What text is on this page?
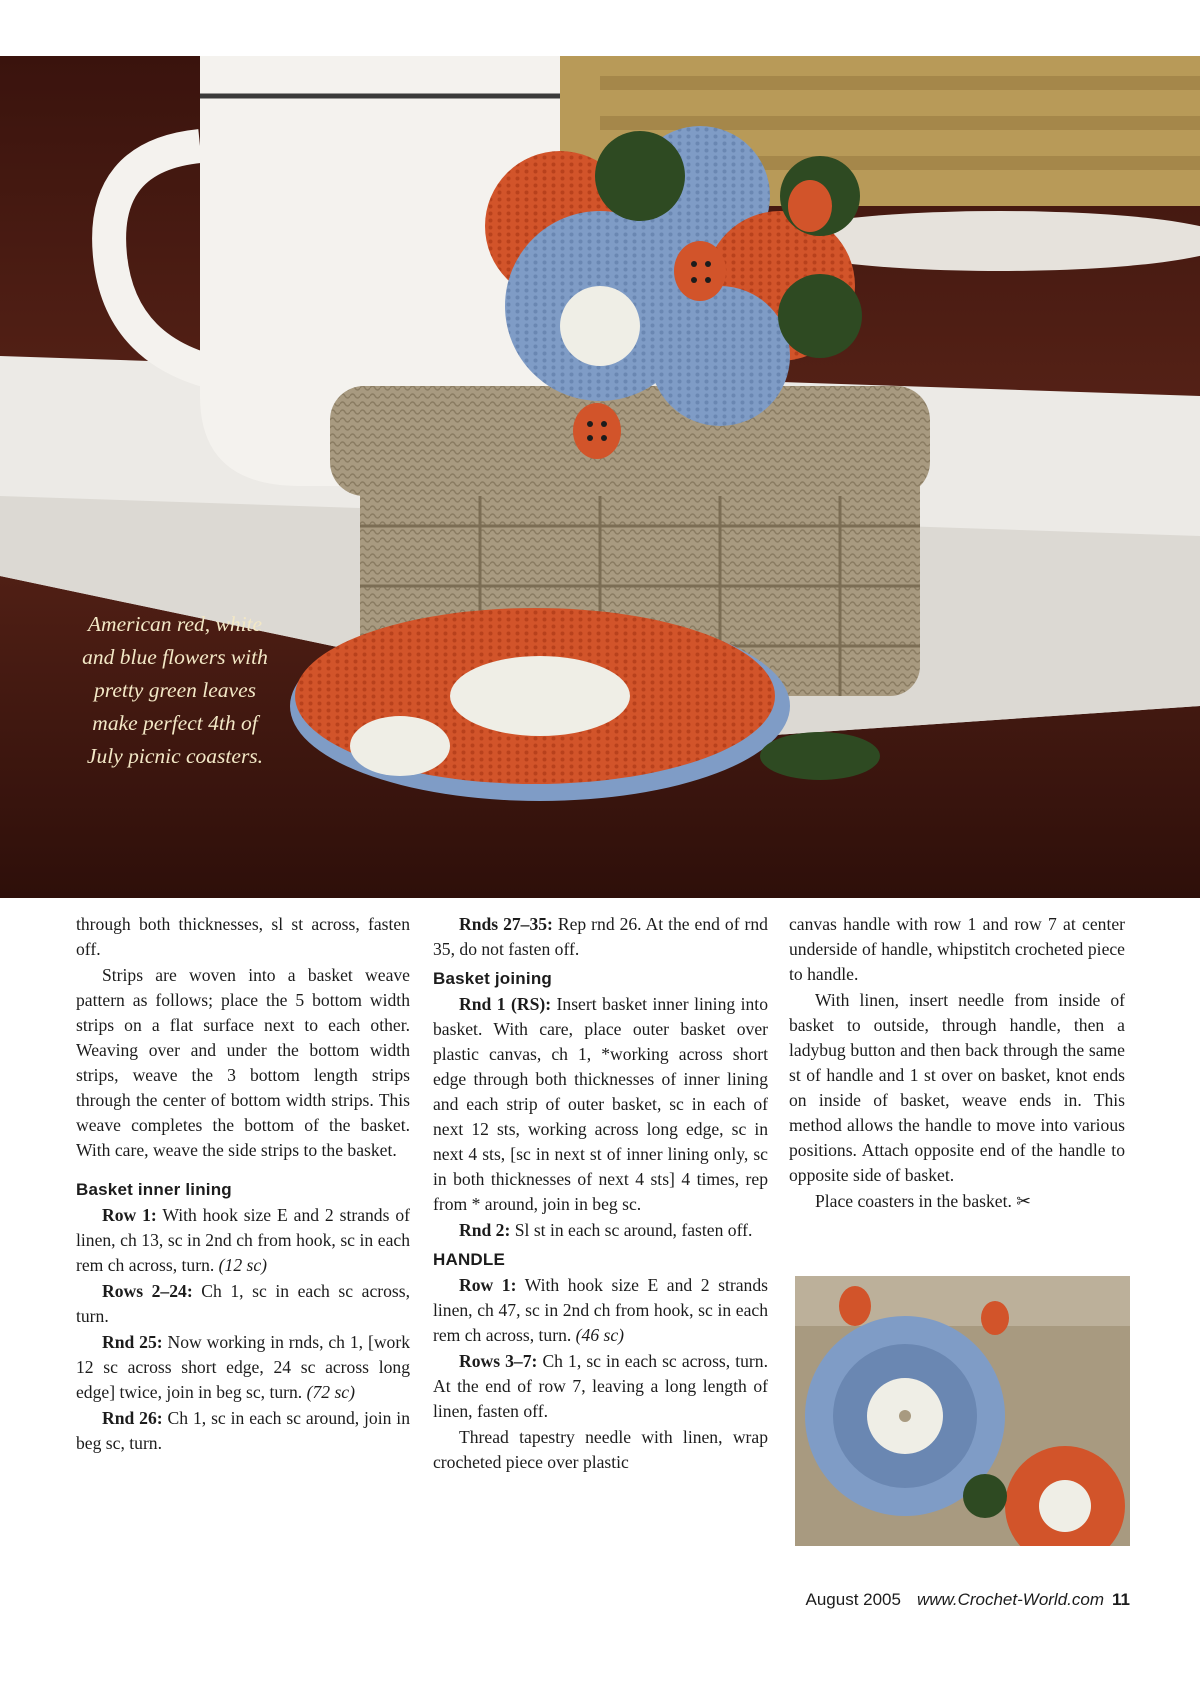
American red, white
and blue flowers with
pretty green leaves
make perfect 4th of
July picnic coasters.

through both thicknesses, sl st across, fasten off.

Strips are woven into a basket weave pattern as follows; place the 5 bottom width strips on a flat surface next to each other. Weaving over and under the bottom width strips, weave the 3 bottom length strips through the center of bottom width strips. This weave completes the bottom of the basket. With care, weave the side strips to the basket.

Basket inner lining

Row 1: With hook size E and 2 strands of linen, ch 13, sc in 2nd ch from hook, sc in each rem ch across, turn. (12 sc)

Rows 2–24: Ch 1, sc in each sc across, turn.

Rnd 25: Now working in rnds, ch 1, [work 12 sc across short edge, 24 sc across long edge] twice, join in beg sc, turn. (72 sc)

Rnd 26: Ch 1, sc in each sc around, join in beg sc, turn.

Rnds 27–35: Rep rnd 26. At the end of rnd 35, do not fasten off.

Basket joining

Rnd 1 (RS): Insert basket inner lining into basket. With care, place outer basket over plastic canvas, ch 1, *working across short edge through both thicknesses of inner lining and each strip of outer basket, sc in each of next 12 sts, working across long edge, sc in next 4 sts, [sc in next st of inner lining only, sc in both thicknesses of next 4 sts] 4 times, rep from * around, join in beg sc.

Rnd 2: Sl st in each sc around, fasten off.

HANDLE

Row 1: With hook size E and 2 strands linen, ch 47, sc in 2nd ch from hook, sc in each rem ch across, turn. (46 sc)

Rows 3–7: Ch 1, sc in each sc across, turn. At the end of row 7, leaving a long length of linen, fasten off.

Thread tapestry needle with linen, wrap crocheted piece over plastic

canvas handle with row 1 and row 7 at center underside of handle, whipstitch crocheted piece to handle.

With linen, insert needle from inside of basket to outside, through handle, then a ladybug button and then back through the same st of handle and 1 st over on basket, knot ends on inside of basket, weave ends in. This method allows the handle to move into various positions. Attach opposite end of the handle to opposite side of basket.

Place coasters in the basket. ✂

August 2005 www.Crochet-World.com 11
